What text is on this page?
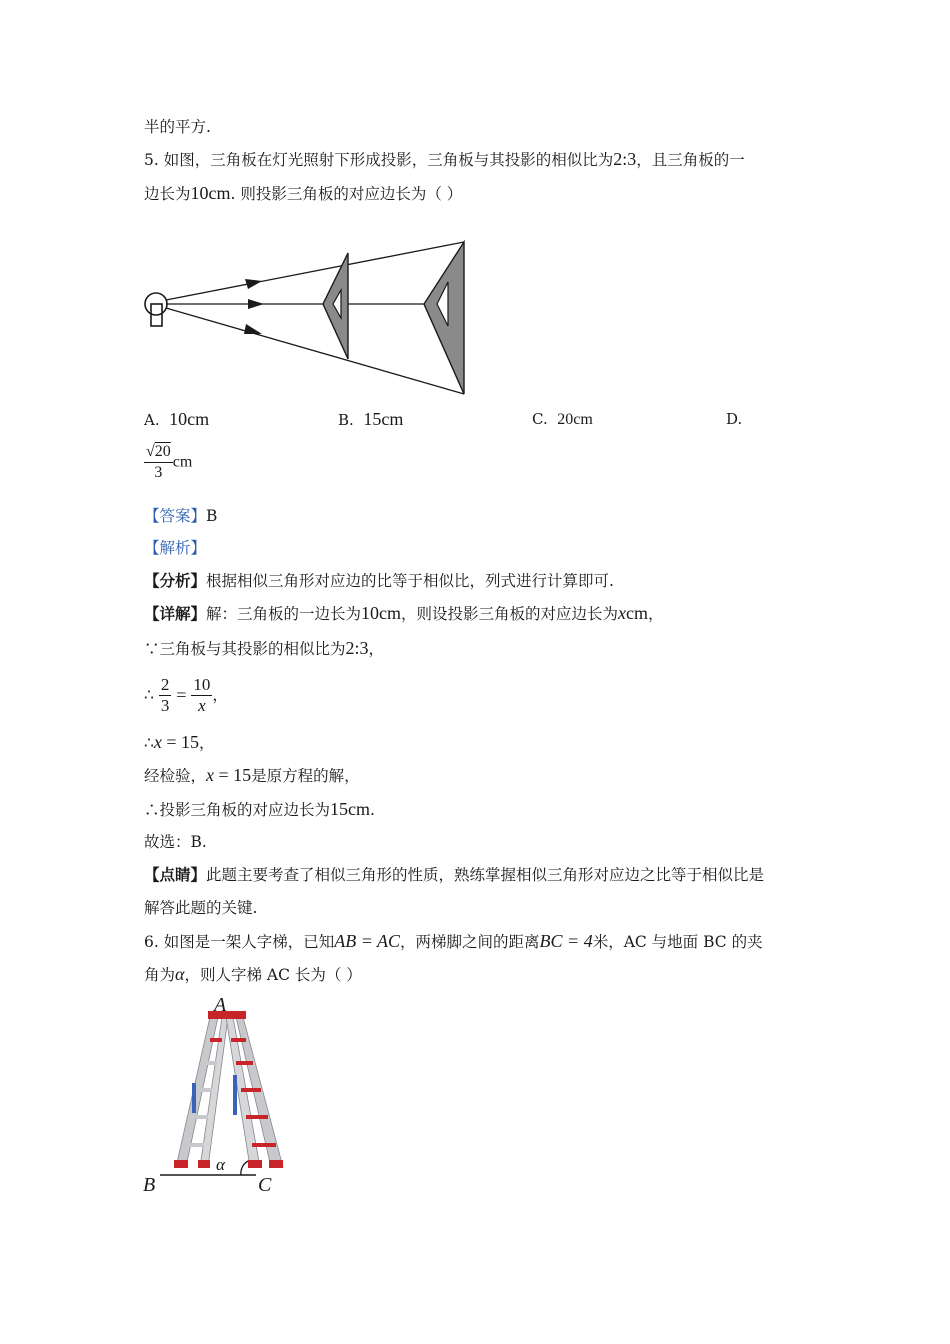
半的平方.
5. 如图，三角板在灯光照射下形成投影，三角板与其投影的相似比为2:3，且三角板的一
边长为10cm. 则投影三角板的对应边长为（ ）
A. 10cm	B. 15cm	C. 20cm	D.
$\frac{√20}{3}$ cm
【答案】B
【解析】
【分析】根据相似三角形对应边的比等于相似比，列式进行计算即可.
【详解】解：三角板的一边长为10cm，则设投影三角板的对应边长为xcm，
∵三角板与其投影的相似比为2:3，
∴ $\frac{2}{3} = \frac{10}{x}$ ，
∴x = 15，
经检验，x = 15是原方程的解，
∴投影三角板的对应边长为15cm.
故选：B.
【点睛】此题主要考查了相似三角形的性质，熟练掌握相似三角形对应边之比等于相似比是
解答此题的关键.
6. 如图是一架人字梯，已知AB = AC，两梯脚之间的距离BC = 4米，AC 与地面 BC 的夹
角为α，则人字梯 AC 长为（ ）
A
B	C
α
